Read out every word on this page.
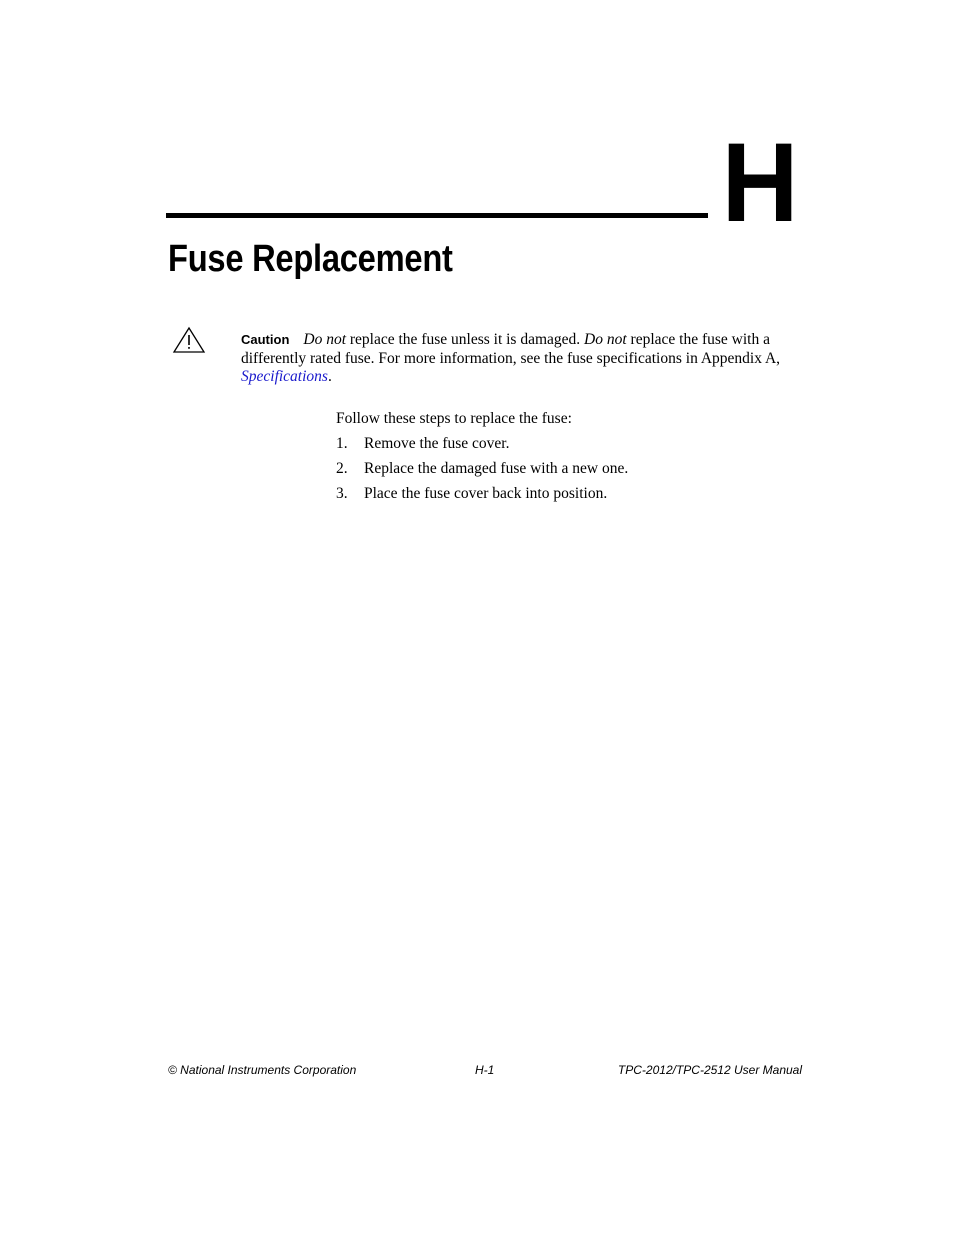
H
Fuse Replacement
Caution Do not replace the fuse unless it is damaged. Do not replace the fuse with a differently rated fuse. For more information, see the fuse specifications in Appendix A, Specifications.

Follow these steps to replace the fuse:

1.	Remove the fuse cover.
2.	Replace the damaged fuse with a new one.
3.	Place the fuse cover back into position.
© National Instruments Corporation	H-1	TPC-2012/TPC-2512 User Manual
